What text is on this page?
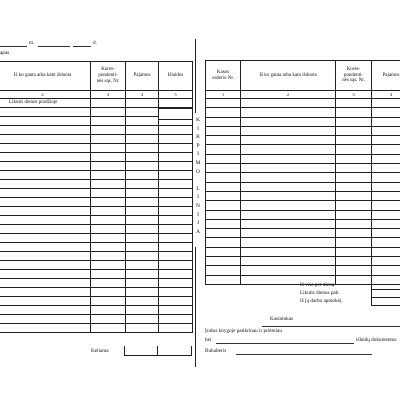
m.	d.
apas
Iš ko gauta arba kam išduota	Kores-
pondenti-
nės sąs. Nr.	Pajamos	Išlaidos
2	3	4	5
Likutis dienos pradžioje			

Keliama
K
I
R
P
I
M
O
L
I
N
I
J
A
Kasos
orderio Nr.	Iš ko gauta arba kam išduota	Kores-
pondenti-
nės sąs. Nr.	Pajamos
1	2	3	4

Iš viso per dieną
Likutis dienos pab.
Iš jų darbo apmokėj.
Kasininkas
Įrašus knygoje patikrinau ir priėmiau
bei	išlaidų dokumentus
Buhalteris
